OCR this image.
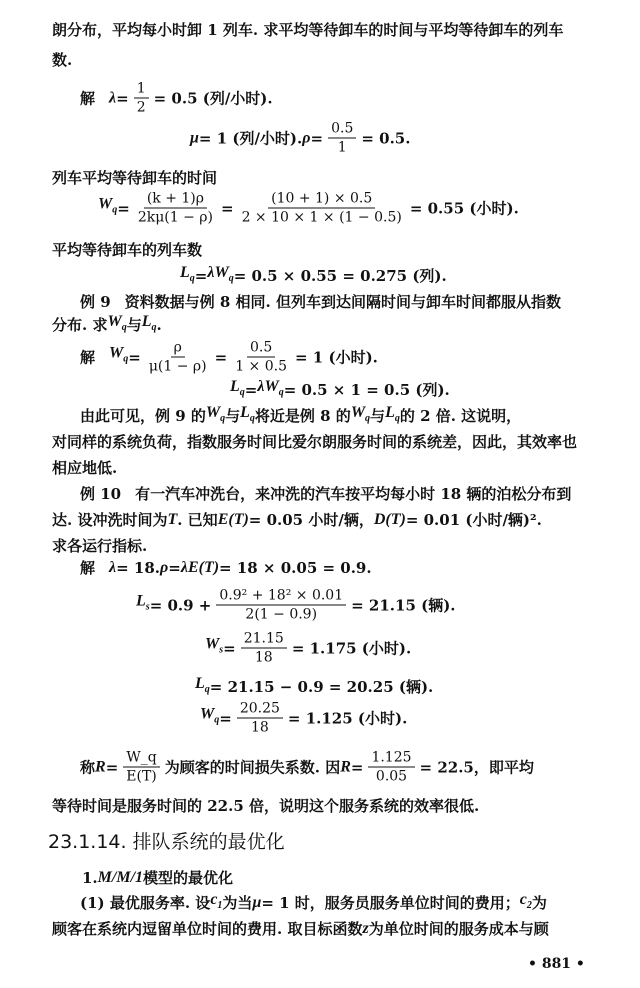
朗分布，平均每小时卸 1 列车. 求平均等待卸车的时间与平均等待卸车的列车
数.
解 $\lambda = \frac{1}{2} = 0.5$ (列/小时).
μ = 1 (列/小时). $\rho = \frac{0.5}{1} = 0.5$.
列车平均等待卸车的时间
$W_q = \frac{(k + 1)\rho}{2k\mu(1 - \rho)} = \frac{(10 + 1) \times 0.5}{2 \times 10 \times 1 \times (1 - 0.5)} = 0.55$ (小时).
平均等待卸车的列车数
$L_q = \lambda W_q = 0.5 \times 0.55 = 0.275$ (列).
例 9 资料数据与例 8 相同. 但列车到达间隔时间与卸车时间都服从指数
分布. 求 $W_q$ 与 $L_q$ .
解 $W_q = \frac{\rho}{\mu(1 - \rho)} = \frac{0.5}{1 \times 0.5} = 1$ (小时).
$L_q = \lambda W_q = 0.5 \times 1 = 0.5$ (列).
由此可见，例 9 的 $W_q$ 与 $L_q$ 将近是例 8 的 $W_q$ 与 $L_q$ 的 2 倍. 这说明，
对同样的系统负荷，指数服务时间比爱尔朗服务时间的系统差，因此，其效率也
相应地低.
例 10 有一汽车冲洗台，来冲洗的汽车按平均每小时 18 辆的泊松分布到
达. 设冲洗时间为 T . 已知 E(T) = 0.05 小时/辆， D(T) = 0.01 (小时/辆)².
求各运行指标.
解 λ = 18. ρ = λE(T) = 18 × 0.05 = 0.9.
$L_s = 0.9 + \frac{\text{0.9² + 18² × 0.01}}{2(1 - 0.9)} = 21.15$ (辆).
$W_s = \frac{21.15}{18} = 1.175$ (小时).
$L_q = 21.15 - 0.9 = 20.25$ (辆).
$W_q = \frac{20.25}{18} = 1.125$ (小时).
称 $R = \frac{W\_q}{E(T)}$ 为顾客的时间损失系数. 因 $R = \frac{1.125}{0.05} = 22.5$，即平均
等待时间是服务时间的 22.5 倍，说明这个服务系统的效率很低.
23.1.14. 排队系统的最优化
1. M/M/1 模型的最优化
(1) 最优服务率. 设 $c_1$ 为当 μ = 1 时，服务员服务单位时间的费用； $c_2$ 为
顾客在系统内逗留单位时间的费用. 取目标函数 z 为单位时间的服务成本与顾
• 881 •
